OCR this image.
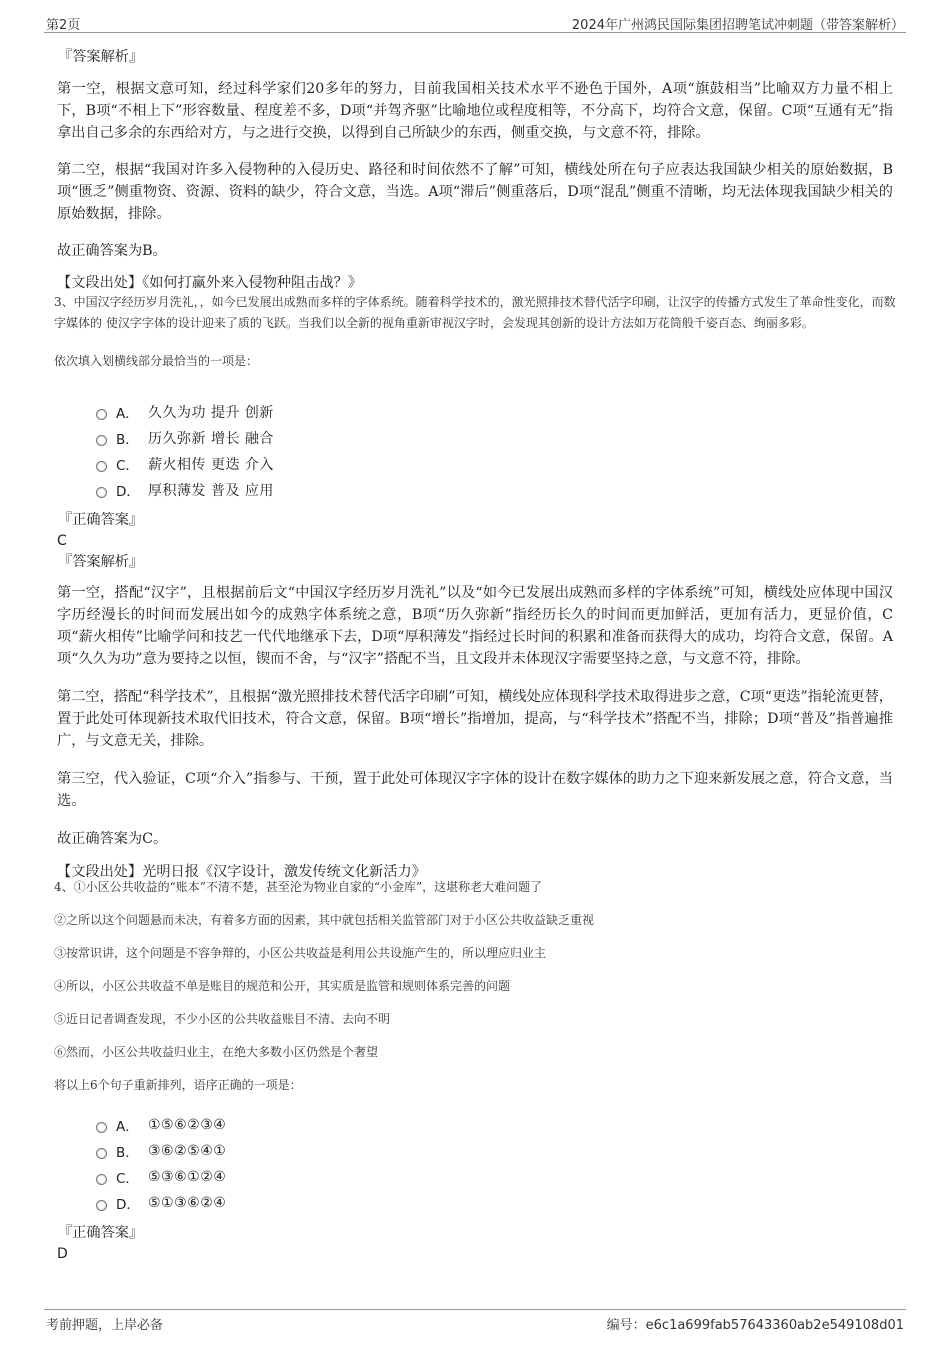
第2页	2024年广州鸿民国际集团招聘笔试冲刺题（带答案解析）

『答案解析』

第一空，根据文意可知，经过科学家们20多年的努力，目前我国相关技术水平不逊色于国外，A项“旗鼓相当”比喻双方力量不相上下，B项“不相上下”形容数量、程度差不多，D项“并驾齐驱”比喻地位或程度相等，不分高下，均符合文意，保留。C项“互通有无”指拿出自己多余的东西给对方，与之进行交换，以得到自己所缺少的东西，侧重交换，与文意不符，排除。

第二空，根据“我国对许多入侵物种的入侵历史、路径和时间依然不了解”可知，横线处所在句子应表达我国缺少相关的原始数据，B项“匮乏”侧重物资、资源、资料的缺少，符合文意，当选。A项“滞后”侧重落后，D项“混乱”侧重不清晰，均无法体现我国缺少相关的原始数据，排除。

故正确答案为B。

【文段出处】《如何打赢外来入侵物种阻击战？》

3、中国汉字经历岁月洗礼，，如今已发展出成熟而多样的字体系统。随着科学技术的，激光照排技术替代活字印刷，让汉字的传播方式发生了革命性变化，而数字媒体的 使汉字字体的设计迎来了质的飞跃。当我们以全新的视角重新审视汉字时，会发现其创新的设计方法如万花筒般千姿百态、绚丽多彩。

依次填入划横线部分最恰当的一项是：

A． 久久为功 提升 创新
B． 历久弥新 增长 融合
C． 薪火相传 更迭 介入
D． 厚积薄发 普及 应用

『正确答案』

C

『答案解析』

第一空，搭配“汉字”，且根据前后文“中国汉字经历岁月洗礼”以及“如今已发展出成熟而多样的字体系统”可知，横线处应体现中国汉字历经漫长的时间而发展出如今的成熟字体系统之意，B项“历久弥新”指经历长久的时间而更加鲜活，更加有活力，更显价值，C项“薪火相传”比喻学问和技艺一代代地继承下去，D项“厚积薄发”指经过长时间的积累和准备而获得大的成功，均符合文意，保留。A项“久久为功”意为要持之以恒，锲而不舍，与“汉字”搭配不当，且文段并未体现汉字需要坚持之意，与文意不符，排除。

第二空，搭配“科学技术”，且根据“激光照排技术替代活字印刷”可知，横线处应体现科学技术取得进步之意，C项“更迭”指轮流更替，置于此处可体现新技术取代旧技术，符合文意，保留。B项“增长”指增加，提高，与“科学技术”搭配不当，排除；D项“普及”指普遍推广，与文意无关，排除。

第三空，代入验证，C项“介入”指参与、干预，置于此处可体现汉字字体的设计在数字媒体的助力之下迎来新发展之意，符合文意，当选。

故正确答案为C。

【文段出处】光明日报《汉字设计，激发传统文化新活力》

4、①小区公共收益的“账本”不清不楚，甚至沦为物业自家的“小金库”，这堪称老大难问题了

②之所以这个问题悬而未决，有着多方面的因素，其中就包括相关监管部门对于小区公共收益缺乏重视

③按常识讲，这个问题是不容争辩的，小区公共收益是利用公共设施产生的，所以理应归业主

④所以，小区公共收益不单是账目的规范和公开，其实质是监管和规则体系完善的问题

⑤近日记者调查发现，不少小区的公共收益账目不清、去向不明

⑥然而，小区公共收益归业主，在绝大多数小区仍然是个奢望

将以上6个句子重新排列，语序正确的一项是：

A． ①⑤⑥②③④
B． ③⑥②⑤④①
C． ⑤③⑥①②④
D． ⑤①③⑥②④

『正确答案』

D

考前押题，上岸必备	编号：e6c1a699fab57643360ab2e549108d01
